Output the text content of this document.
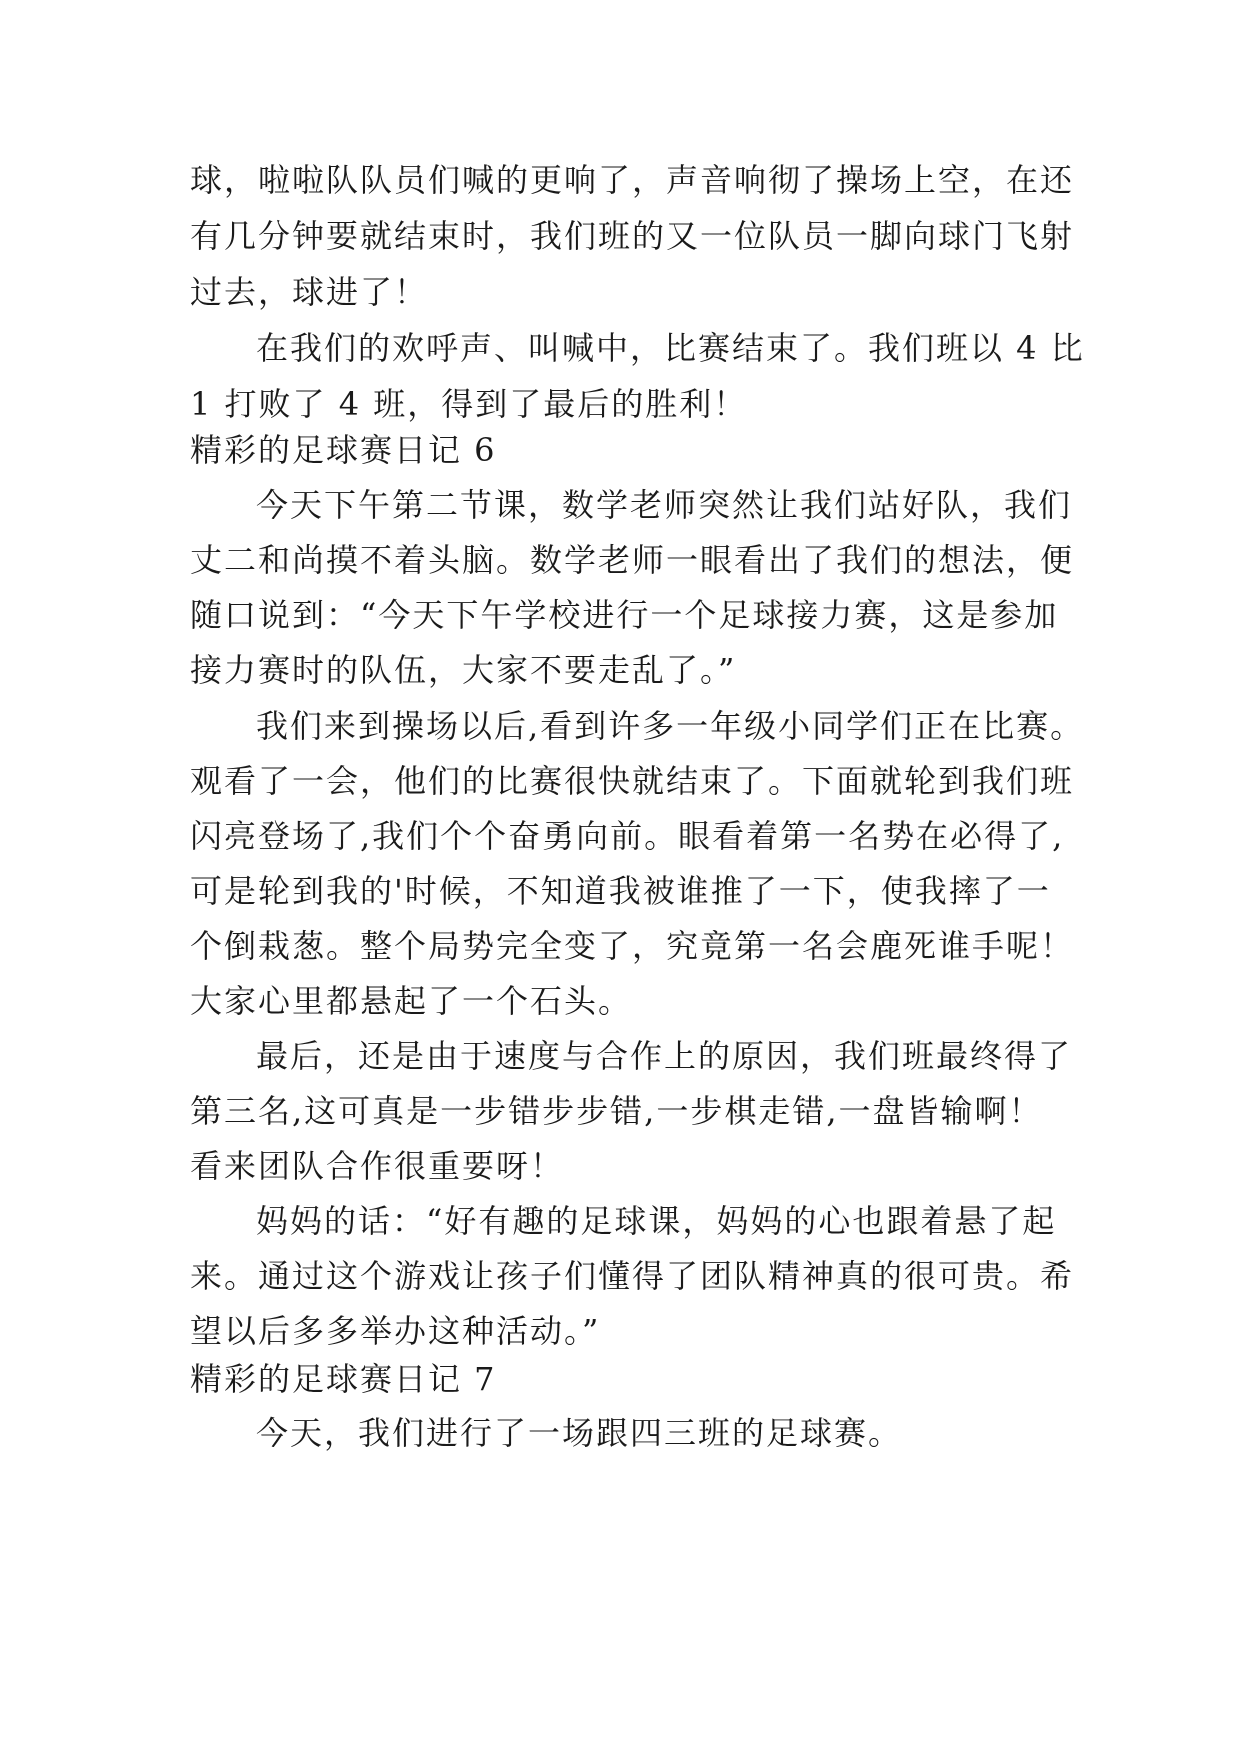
球，啦啦队队员们喊的更响了，声音响彻了操场上空，在还
有几分钟要就结束时，我们班的又一位队员一脚向球门飞射
过去，球进了！
在我们的欢呼声、叫喊中，比赛结束了。我们班以 4 比
1 打败了 4 班，得到了最后的胜利！
精彩的足球赛日记 6
今天下午第二节课，数学老师突然让我们站好队，我们
丈二和尚摸不着头脑。数学老师一眼看出了我们的想法，便
随口说到：“今天下午学校进行一个足球接力赛，这是参加
接力赛时的队伍，大家不要走乱了。”
我们来到操场以后,看到许多一年级小同学们正在比赛。
观看了一会，他们的比赛很快就结束了。下面就轮到我们班
闪亮登场了,我们个个奋勇向前。眼看着第一名势在必得了,
可是轮到我的'时候，不知道我被谁推了一下，使我摔了一
个倒栽葱。整个局势完全变了，究竟第一名会鹿死谁手呢！
大家心里都悬起了一个石头。
最后，还是由于速度与合作上的原因，我们班最终得了
第三名,这可真是一步错步步错,一步棋走错,一盘皆输啊！
看来团队合作很重要呀！
妈妈的话：“好有趣的足球课，妈妈的心也跟着悬了起
来。通过这个游戏让孩子们懂得了团队精神真的很可贵。希
望以后多多举办这种活动。”
精彩的足球赛日记 7
今天，我们进行了一场跟四三班的足球赛。
